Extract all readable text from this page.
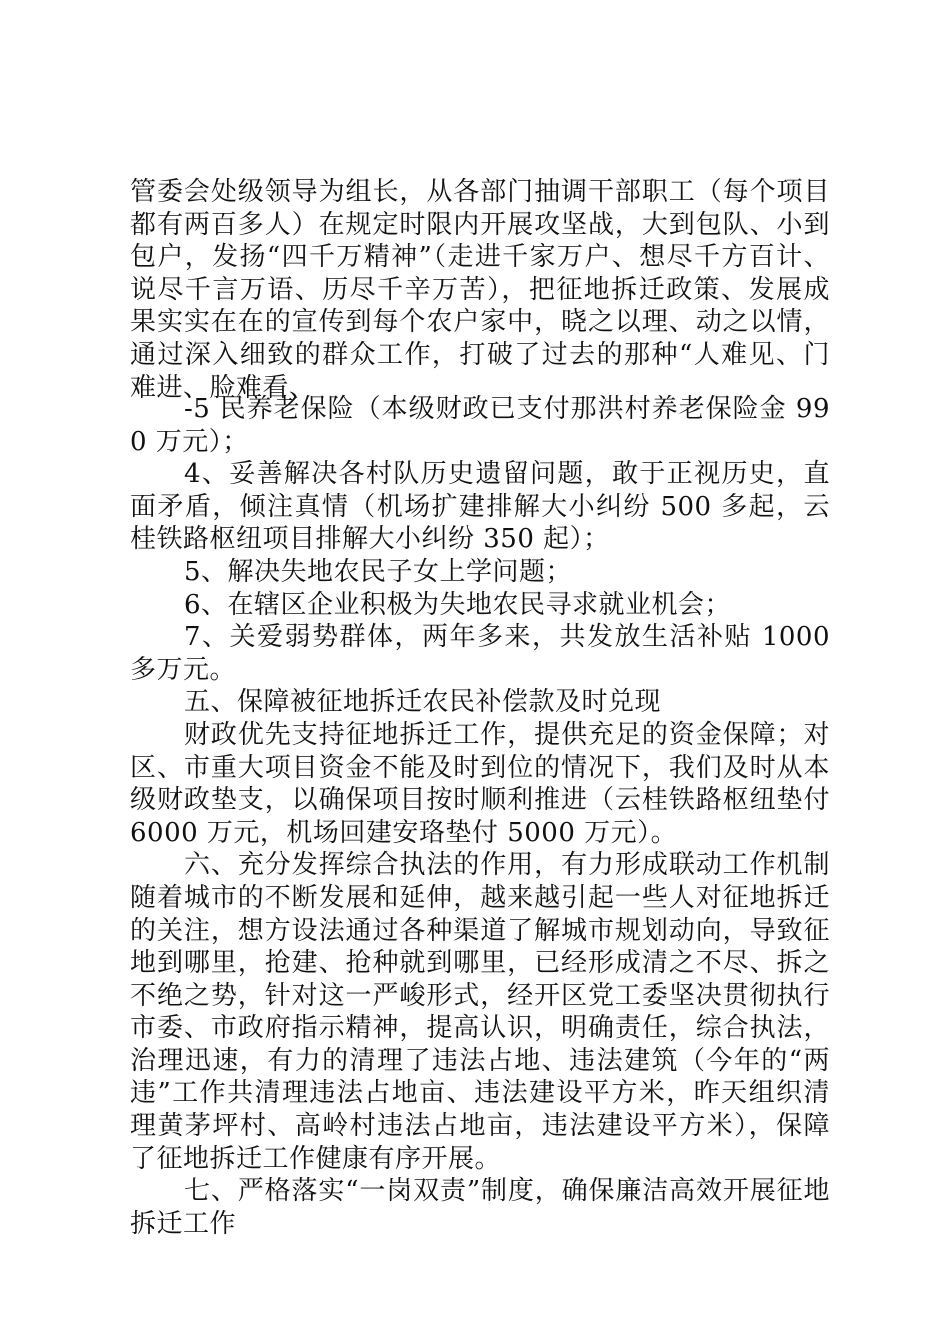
管委会处级领导为组长，从各部门抽调干部职工（每个项目都有两百多人）在规定时限内开展攻坚战，大到包队、小到包户，发扬“四千万精神”（走进千家万户、想尽千方百计、说尽千言万语、历尽千辛万苦），把征地拆迁政策、发展成果实实在在的宣传到每个农户家中，晓之以理、动之以情，通过深入细致的群众工作，打破了过去的那种“人难见、门难进、脸难看、

-5 民养老保险（本级财政已支付那洪村养老保险金 990 万元）；

4、妥善解决各村队历史遗留问题，敢于正视历史，直面矛盾，倾注真情（机场扩建排解大小纠纷 500 多起，云桂铁路枢纽项目排解大小纠纷 350 起）；

5、解决失地农民子女上学问题；

6、在辖区企业积极为失地农民寻求就业机会；

7、关爱弱势群体，两年多来，共发放生活补贴 1000 多万元。

五、保障被征地拆迁农民补偿款及时兑现

财政优先支持征地拆迁工作，提供充足的资金保障；对区、市重大项目资金不能及时到位的情况下，我们及时从本级财政垫支，以确保项目按时顺利推进（云桂铁路枢纽垫付 6000 万元，机场回建安珞垫付 5000 万元）。

六、充分发挥综合执法的作用，有力形成联动工作机制随着城市的不断发展和延伸，越来越引起一些人对征地拆迁的关注，想方设法通过各种渠道了解城市规划动向，导致征地到哪里，抢建、抢种就到哪里，已经形成清之不尽、拆之不绝之势，针对这一严峻形式，经开区党工委坚决贯彻执行市委、市政府指示精神，提高认识，明确责任，综合执法，治理迅速，有力的清理了违法占地、违法建筑（今年的“两违”工作共清理违法占地亩、违法建设平方米，昨天组织清理黄茅坪村、高岭村违法占地亩，违法建设平方米），保障了征地拆迁工作健康有序开展。

七、严格落实“一岗双责”制度，确保廉洁高效开展征地拆迁工作
